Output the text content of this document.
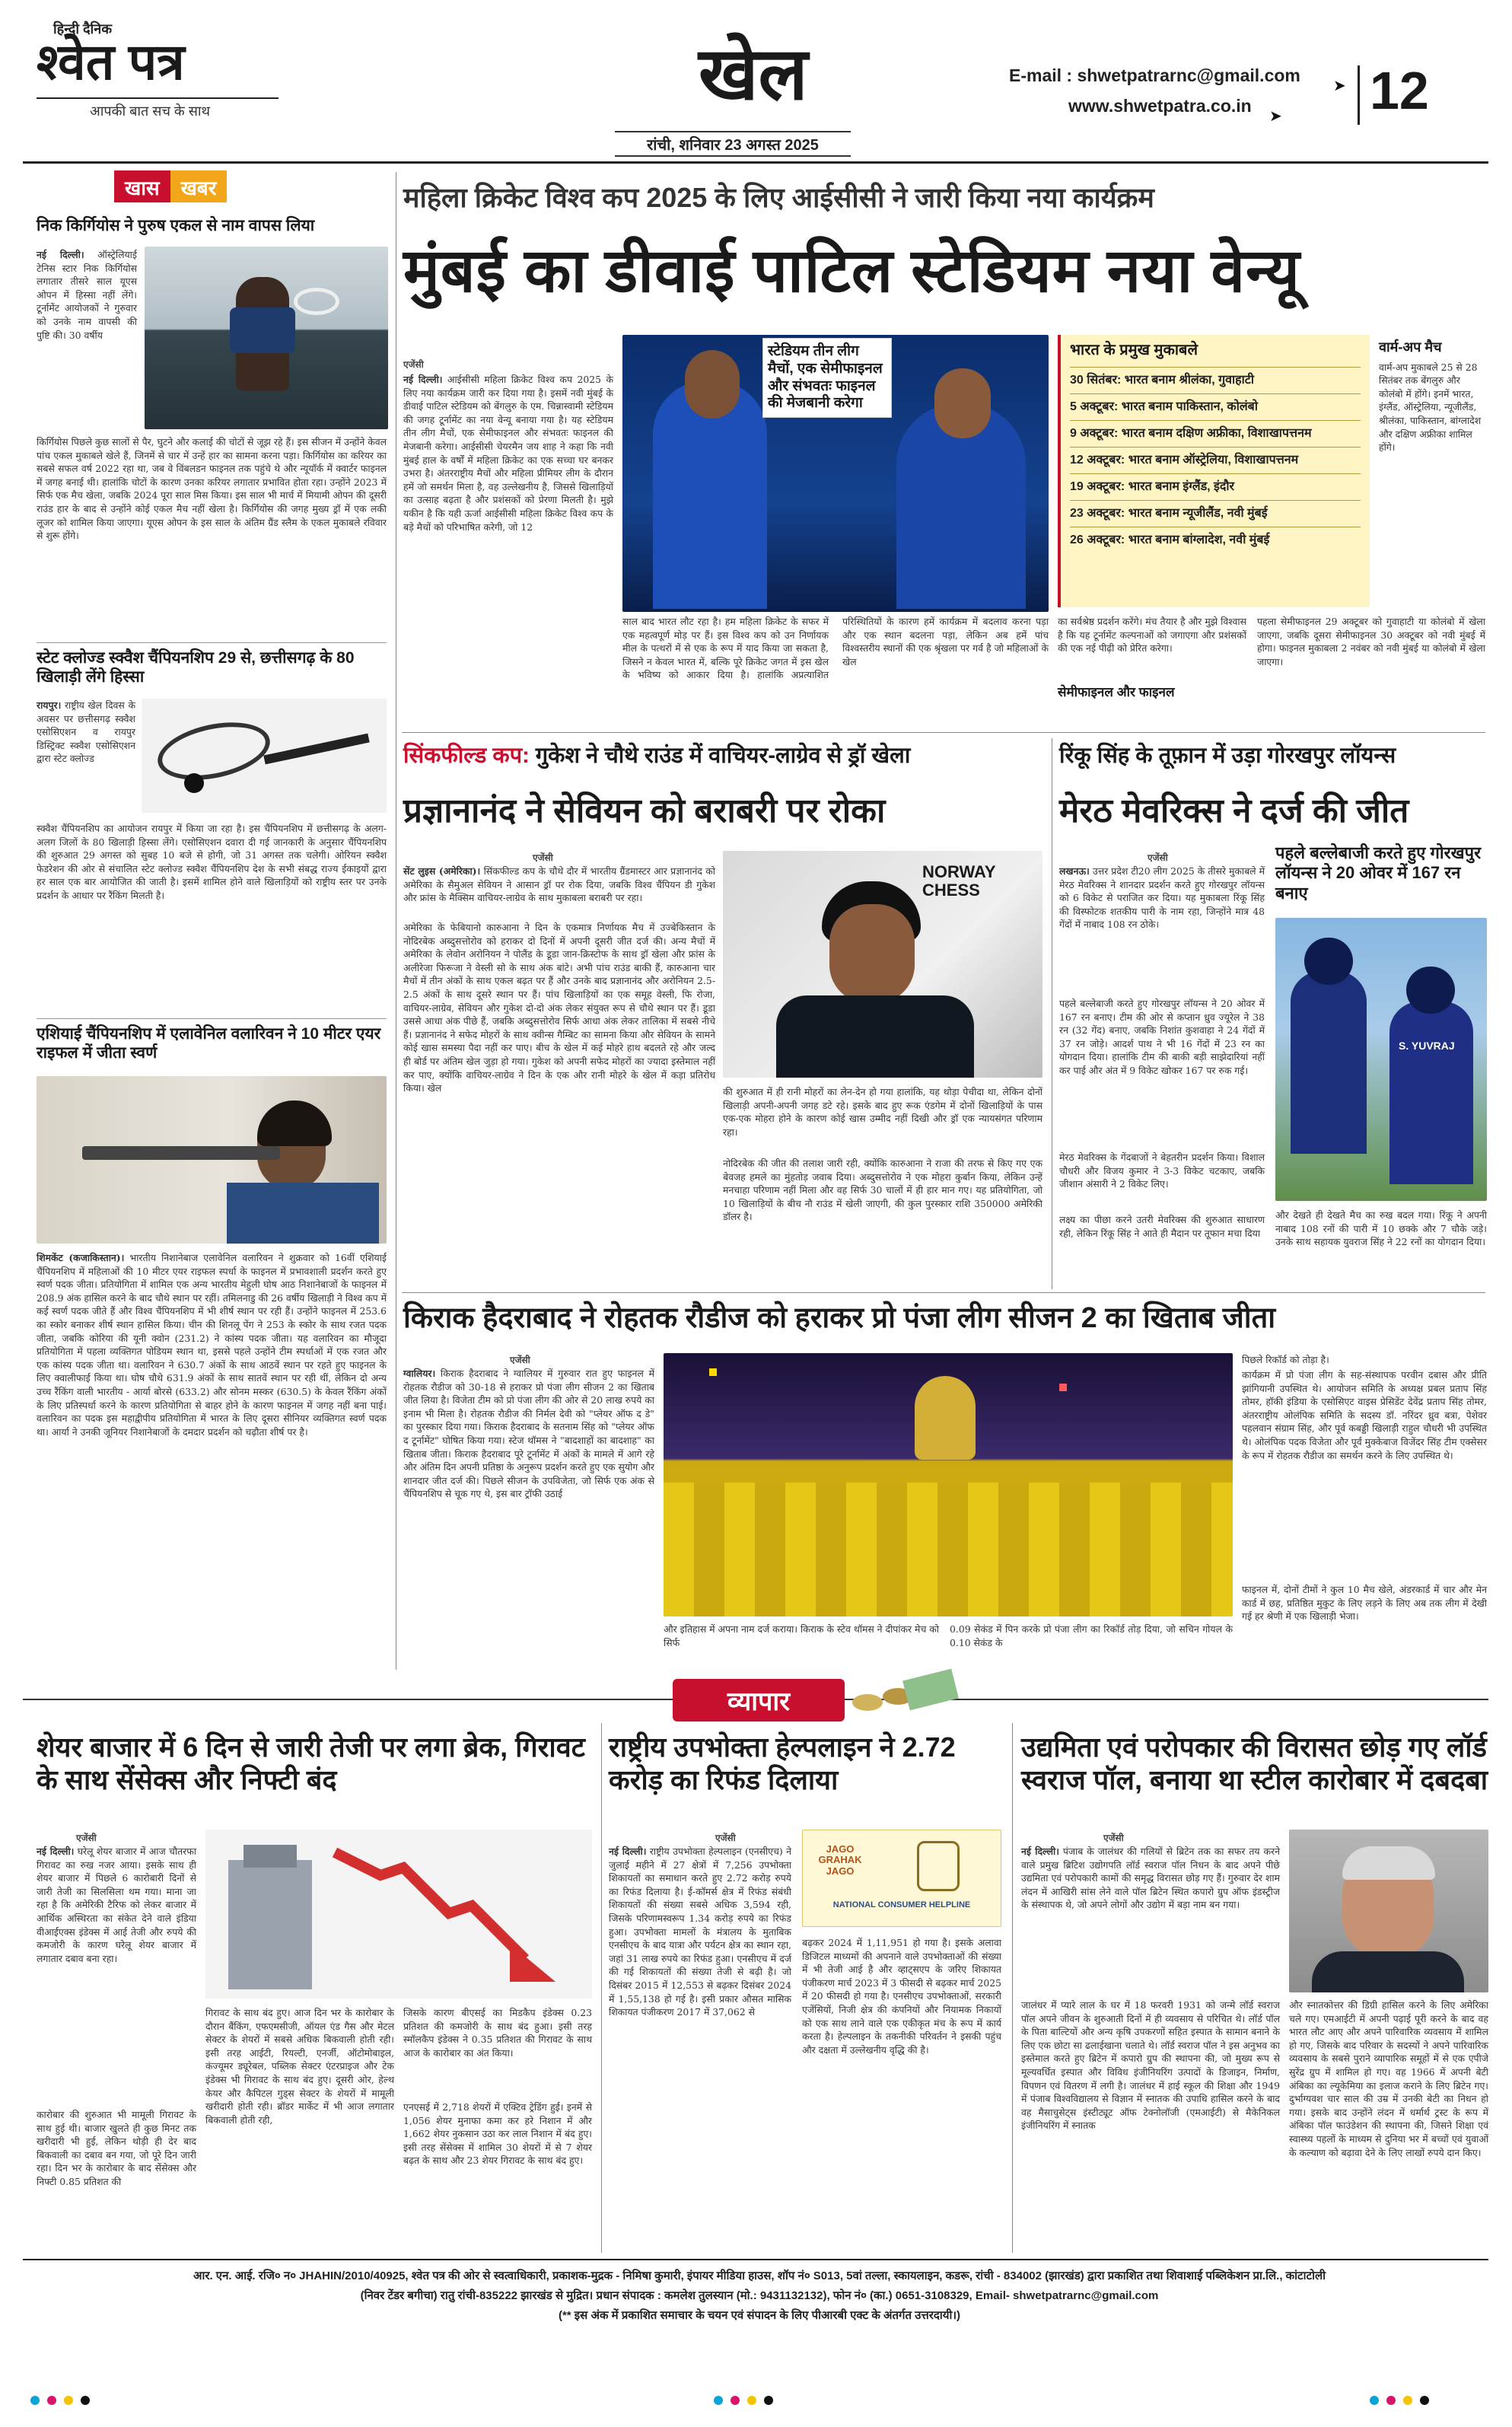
हिन्दी दैनिक
श्वेत पत्र
आपकी बात सच के साथ	खेल
रांची, शनिवार 23 अगस्त 2025
E-mail : shwetpatrarnc@gmail.com
www.shwetpatra.co.in
➤
➤ 12
खास	खबर
निक किर्गियोस ने पुरुष एकल से नाम वापस लिया
नई दिल्ली। ऑस्ट्रेलियाई टेनिस स्टार निक किर्गियोस लगातार तीसरे साल यूएस ओपन में हिस्सा नहीं लेंगे। टूर्नामेंट आयोजकों ने गुरुवार को उनके नाम वापसी की पुष्टि की। 30 वर्षीय
किर्गियोस पिछले कुछ सालों से पैर, घुटने और कलाई की चोटों से जूझ रहे हैं। इस सीजन में उन्होंने केवल पांच एकल मुकाबले खेले हैं, जिनमें से चार में उन्हें हार का सामना करना पड़ा। किर्गियोस का करियर का सबसे सफल वर्ष 2022 रहा था, जब वे विंबलडन फाइनल तक पहुंचे थे और न्यूयॉर्क में क्वार्टर फाइनल में जगह बनाई थी। हालांकि चोटों के कारण उनका करियर लगातार प्रभावित होता रहा। उन्होंने 2023 में सिर्फ एक मैच खेला, जबकि 2024 पूरा साल मिस किया। इस साल भी मार्च में मियामी ओपन की दूसरी राउंड हार के बाद से उन्होंने कोई एकल मैच नहीं खेला है। किर्गियोस की जगह मुख्य ड्रॉ में एक लकी लूजर को शामिल किया जाएगा। यूएस ओपन के इस साल के अंतिम ग्रैंड स्लैम के एकल मुकाबले रविवार से शुरू होंगे।
स्टेट क्लोज्ड स्क्वैश चैंपियनशिप 29 से, छत्तीसगढ़ के 80 खिलाड़ी लेंगे हिस्सा
रायपुर। राष्ट्रीय खेल दिवस के अवसर पर छत्तीसगढ़ स्क्वैश एसोसिएशन व रायपुर डिस्ट्रिक्ट स्क्वैश एसोसिएशन द्वारा स्टेट क्लोज्ड
स्क्वैश चैंपियनशिप का आयोजन रायपुर में किया जा रहा है। इस चैंपियनशिप में छत्तीसगढ़ के अलग-अलग जिलों के 80 खिलाड़ी हिस्सा लेंगे। एसोसिएशन दवारा दी गई जानकारी के अनुसार चैंपियनशिप की शुरुआत 29 अगस्त को सुबह 10 बजे से होगी, जो 31 अगस्त तक चलेगी। ओरियन स्क्वैश फेडरेशन की ओर से संचालित स्टेट क्लोज्ड स्क्वैश चैंपियनशिप देश के सभी संबद्ध राज्य ईकाइयों द्वारा हर साल एक बार आयोजित की जाती है। इसमें शामिल होने वाले खिलाड़ियों को राष्ट्रीय स्तर पर उनके प्रदर्शन के आधार पर रैंकिंग मिलती है।
एशियाई चैंपियनशिप में एलावेनिल वलारिवन ने 10 मीटर एयर राइफल में जीता स्वर्ण
शिमकेंट (कजाकिस्तान)। भारतीय निशानेबाज एलावेनिल वलारिवन ने शुक्रवार को 16वीं एशियाई चैंपियनशिप में महिलाओं की 10 मीटर एयर राइफल स्पर्धा के फाइनल में प्रभावशाली प्रदर्शन करते हुए स्वर्ण पदक जीता। प्रतियोगिता में शामिल एक अन्य भारतीय मेहुली घोष आठ निशानेबाजों के फाइनल में 208.9 अंक हासिल करने के बाद चौथे स्थान पर रहीं। तमिलनाडु की 26 वर्षीय खिलाड़ी ने विश्व कप में कई स्वर्ण पदक जीते हैं और विश्व चैंपियनशिप में भी शीर्ष स्थान पर रही हैं। उन्होंने फाइनल में 253.6 का स्कोर बनाकर शीर्ष स्थान हासिल किया। चीन की शिनलू पेंग ने 253 के स्कोर के साथ रजत पदक जीता, जबकि कोरिया की यूनी क्वोन (231.2) ने कांस्य पदक जीता। यह वलारिवन का मौजूदा प्रतियोगिता में पहला व्यक्तिगत पोडियम स्थान था, इससे पहले उन्होंने टीम स्पर्धाओं में एक रजत और एक कांस्य पदक जीता था। वलारिवन ने 630.7 अंकों के साथ आठवें स्थान पर रहते हुए फाइनल के लिए क्वालीफाई किया था। घोष चौथे 631.9 अंकों के साथ सातवें स्थान पर रही थीं, लेकिन दो अन्य उच्च रैंकिंग वाली भारतीय - आर्या बोरसे (633.2) और सोनम मस्कर (630.5) के केवल रैंकिंग अंकों के लिए प्रतिस्पर्धा करने के कारण प्रतियोगिता से बाहर होने के कारण फाइनल में जगह नहीं बना पाई। वलारिवन का पदक इस महाद्वीपीय प्रतियोगिता में भारत के लिए दूसरा सीनियर व्यक्तिगत स्वर्ण पदक था। आर्या ने उनकी जूनियर निशानेबाजों के दमदार प्रदर्शन को चढ़ौता शीर्ष पर है।
महिला क्रिकेट विश्व कप 2025 के लिए आईसीसी ने जारी किया नया कार्यक्रम
मुंबई का डीवाई पाटिल स्टेडियम नया वेन्यू
एजेंसी
नई दिल्ली। आईसीसी महिला क्रिकेट विश्व कप 2025 के लिए नया कार्यक्रम जारी कर दिया गया है। इसमें नवी मुंबई के डीवाई पाटिल स्टेडियम को बेंगलुरु के एम. चिन्नास्वामी स्टेडियम की जगह टूर्नामेंट का नया वेन्यू बनाया गया है। यह स्टेडियम तीन लीग मैचों, एक सेमीफाइनल और संभवतः फाइनल की मेजबानी करेगा। आईसीसी चेयरमैन जय शाह ने कहा कि नवी मुंबई हाल के वर्षों में महिला क्रिकेट का एक सच्चा घर बनकर उभरा है। अंतरराष्ट्रीय मैचों और महिला प्रीमियर लीग के दौरान हमें जो समर्थन मिला है, वह उल्लेखनीय है, जिससे खिलाड़ियों का उत्साह बढ़ता है और प्रशंसकों को प्रेरणा मिलती है। मुझे यकीन है कि यही ऊर्जा आईसीसी महिला क्रिकेट विश्व कप के बड़े मैचों को परिभाषित करेगी, जो 12
स्टेडियम तीन लीग मैचों, एक सेमीफाइनल और संभवतः फाइनल की मेजबानी करेगा
साल बाद भारत लौट रहा है। हम महिला क्रिकेट के सफर में एक महत्वपूर्ण मोड़ पर हैं। इस विश्व कप को उन निर्णायक मील के पत्थरों में से एक के रूप में याद किया जा सकता है, जिसने न केवल भारत में, बल्कि पूरे क्रिकेट जगत में इस खेल के भविष्य को आकार दिया है। हालांकि अप्रत्याशित परिस्थितियों के कारण हमें कार्यक्रम में बदलाव करना पड़ा और एक स्थान बदलना पड़ा, लेकिन अब हमें पांच विश्वस्तरीय स्थानों की एक श्रृंखला पर गर्व है जो महिलाओं के खेल
भारत के प्रमुख मुकाबले
30 सितंबर: भारत बनाम श्रीलंका, गुवाहाटी
5 अक्टूबर: भारत बनाम पाकिस्तान, कोलंबो
9 अक्टूबर: भारत बनाम दक्षिण अफ्रीका, विशाखापत्तनम
12 अक्टूबर: भारत बनाम ऑस्ट्रेलिया, विशाखापत्तनम
19 अक्टूबर: भारत बनाम इंग्लैंड, इंदौर
23 अक्टूबर: भारत बनाम न्यूजीलैंड, नवी मुंबई
26 अक्टूबर: भारत बनाम बांग्लादेश, नवी मुंबई
वार्म-अप मैच
वार्म-अप मुकाबले 25 से 28 सितंबर तक बेंगलुरु और कोलंबो में होंगे। इनमें भारत, इंग्लैंड, ऑस्ट्रेलिया, न्यूजीलैंड, श्रीलंका, पाकिस्तान, बांग्लादेश और दक्षिण अफ्रीका शामिल होंगे।
का सर्वश्रेष्ठ प्रदर्शन करेंगे। मंच तैयार है और मुझे विश्वास है कि यह टूर्नामेंट कल्पनाओं को जगाएगा और प्रशंसकों की एक नई पीढ़ी को प्रेरित करेगा।
सेमीफाइनल और फाइनल
पहला सेमीफाइनल 29 अक्टूबर को गुवाहाटी या कोलंबो में खेला जाएगा, जबकि दूसरा सेमीफाइनल 30 अक्टूबर को नवी मुंबई में होगा। फाइनल मुकाबला 2 नवंबर को नवी मुंबई या कोलंबो में खेला जाएगा।
सिंकफील्ड कप: गुकेश ने चौथे राउंड में वाचियर-लाग्रेव से ड्रॉ खेला
प्रज्ञानानंद ने सेवियन को बराबरी पर रोका
एजेंसी
सेंट लुइस (अमेरिका)। सिंकफील्ड कप के चौथे दौर में भारतीय ग्रैंडमास्टर आर प्रज्ञानानंद को अमेरिका के सैमुअल सेवियन ने आसान ड्रॉ पर रोक दिया, जबकि विश्व चैंपियन डी गुकेश और फ्रांस के मैक्सिम वाचियर-लाग्रेव के साथ मुकाबला बराबरी पर रहा।
अमेरिका के फेबियानो कारुआना ने दिन के एकमात्र निर्णायक मैच में उज्बेकिस्तान के नोदिरबेक अब्दुसत्तोरोव को हराकर दो दिनों में अपनी दूसरी जीत दर्ज की। अन्य मैचों में अमेरिका के लेवोन अरोनियन ने पोलैंड के डूडा जान-क्रिस्टोफ के साथ ड्रॉ खेला और फ्रांस के अलीरेजा फिरूजा ने वेस्ली सो के साथ अंक बांटे। अभी पांच राउंड बाकी हैं, कारुआना चार मैचों में तीन अंकों के साथ एकल बढ़त पर हैं और उनके बाद प्रज्ञानानंद और अरोनियन 2.5-2.5 अंकों के साथ दूसरे स्थान पर हैं। पांच खिलाड़ियों का एक समूह वेस्ली, फि रोजा, वाचियर-लाग्रेव, सेवियन और गुकेश दो-दो अंक लेकर संयुक्त रूप से चौथे स्थान पर हैं। डूडा उससे आधा अंक पीछे हैं, जबकि अब्दुसत्तोरोव सिर्फ आधा अंक लेकर तालिका में सबसे नीचे हैं। प्रज्ञानानंद ने सफेद मोहरों के साथ क्वीन्स गैम्बिट का सामना किया और सेवियन के सामने कोई खास समस्या पैदा नहीं कर पाए। बीच के खेल में कई मोहरे हाथ बदलते रहे और जल्द ही बोर्ड पर अंतिम खेल जुड़ा हो गया। गुकेश को अपनी सफेद मोहरों का ज्यादा इस्तेमाल नहीं कर पाए, क्योंकि वाचियर-लाग्रेव ने दिन के एक और रानी मोहरे के खेल में कड़ा प्रतिरोध किया। खेल
NORWAY CHESS
की शुरुआत में ही रानी मोहरों का लेन-देन हो गया हालांकि, यह थोड़ा पेचीदा था, लेकिन दोनों खिलाड़ी अपनी-अपनी जगह डटे रहे। इसके बाद हुए रूक एंडगेम में दोनों खिलाड़ियों के पास एक-एक मोहरा होने के कारण कोई खास उम्मीद नहीं दिखी और ड्रॉ एक न्यायसंगत परिणाम रहा।
नोदिरबेक की जीत की तलाश जारी रही, क्योंकि कारुआना ने राजा की तरफ से किए गए एक बेवजह हमले का मुंहतोड़ जवाब दिया। अब्दुसत्तोरोव ने एक मोहरा कुर्बान किया, लेकिन उन्हें मनचाहा परिणाम नहीं मिला और वह सिर्फ 30 चालों में ही हार मान गए। यह प्रतियोगिता, जो 10 खिलाड़ियों के बीच नौ राउंड में खेली जाएगी, की कुल पुरस्कार राशि 350000 अमेरिकी डॉलर है।
रिंकू सिंह के तूफ़ान में उड़ा गोरखपुर लॉयन्स
मेरठ मेवरिक्स ने दर्ज की जीत
एजेंसी
लखनऊ। उत्तर प्रदेश टी20 लीग 2025 के तीसरे मुकाबले में मेरठ मेवरिक्स ने शानदार प्रदर्शन करते हुए गोरखपुर लॉयन्स को 6 विकेट से पराजित कर दिया। यह मुकाबला रिंकू सिंह की विस्फोटक शतकीय पारी के नाम रहा, जिन्होंने मात्र 48 गेंदों में नाबाद 108 रन ठोके।
पहले बल्लेबाजी करते हुए गोरखपुर लॉयन्स ने 20 ओवर में 167 रन बनाए। टीम की ओर से कप्तान ध्रुव ज्यूरेल ने 38 रन (32 गेंद) बनाए, जबकि निशांत कुशवाहा ने 24 गेंदों में 37 रन जोड़े। आदर्श पाथ ने भी 16 गेंदों में 23 रन का योगदान दिया। हालांकि टीम की बाकी बड़ी साझेदारियां नहीं कर पाई और अंत में 9 विकेट खोकर 167 पर रुक गई।
मेरठ मेवरिक्स के गेंदबाजों ने बेहतरीन प्रदर्शन किया। विशाल चौधरी और विजय कुमार ने 3-3 विकेट चटकाए, जबकि जीशान अंसारी ने 2 विकेट लिए।
लक्ष्य का पीछा करने उतरी मेवरिक्स की शुरुआत साधारण रही, लेकिन रिंकू सिंह ने आते ही मैदान पर तूफान मचा दिया
पहले बल्लेबाजी करते हुए गोरखपुर लॉयन्स ने 20 ओवर में 167 रन बनाए
S. YUVRAJ
और देखते ही देखते मैच का रुख बदल गया। रिंकू ने अपनी नाबाद 108 रनों की पारी में 10 छक्के और 7 चौके जड़े। उनके साथ सहायक युवराज सिंह ने 22 रनों का योगदान दिया।
किराक हैदराबाद ने रोहतक रौडीज को हराकर प्रो पंजा लीग सीजन 2 का खिताब जीता
एजेंसी
ग्वालियर। किराक हैदराबाद ने ग्वालियर में गुरुवार रात हुए फाइनल में रोहतक रौडीज को 30-18 से हराकर प्रो पंजा लीग सीजन 2 का खिताब जीत लिया है। विजेता टीम को प्रो पंजा लीग की ओर से 20 लाख रुपये का इनाम भी मिला है। रोहतक रौडीज की निर्मल देवी को "प्लेयर ऑफ द डे" का पुरस्कार दिया गया। किराक हैदराबाद के सतनाम सिंह को "प्लेयर ऑफ द टूर्नामेंट" घोषित किया गया। स्टेज थॉमस ने "बादशाहों का बादशाह" का खिताब जीता। किराक हैदराबाद पूरे टूर्नामेंट में अंकों के मामले में आगे रहे और अंतिम दिन अपनी प्रतिष्ठा के अनुरूप प्रदर्शन करते हुए एक सुयोग और शानदार जीत दर्ज की। पिछले सीजन के उपविजेता, जो सिर्फ एक अंक से चैंपियनशिप से चूक गए थे, इस बार ट्रॉफी उठाई
और इतिहास में अपना नाम दर्ज कराया। किराक के स्टेव थॉमस ने दीपांकर मेच को सिर्फ
0.09 सेकंड में पिन करके प्रो पंजा लीग का रिकॉर्ड तोड़ दिया, जो सचिन गोयल के 0.10 सेकंड के
पिछले रिकॉर्ड को तोड़ा है।
कार्यक्रम में प्रो पंजा लीग के सह-संस्थापक परवीन दबास और प्रीति झांगियानी उपस्थित थे। आयोजन समिति के अध्यक्ष प्रबल प्रताप सिंह तोमर, हॉकी इंडिया के एसोसिएट वाइस प्रेसिडेंट देवेंद्र प्रताप सिंह तोमर, अंतरराष्ट्रीय ओलंपिक समिति के सदस्य डॉ. नरिंदर ध्रुव बत्रा, पेशेवर पहलवान संग्राम सिंह, और पूर्व कबड्डी खिलाड़ी राहुल चौधरी भी उपस्थित थे। ओलंपिक पदक विजेता और पूर्व मुक्केबाज विजेंदर सिंह टीम एक्सेसर के रूप में रोहतक रौडीज का समर्थन करने के लिए उपस्थित थे।
फाइनल में, दोनों टीमों ने कुल 10 मैच खेले, अंडरकार्ड में चार और मेन कार्ड में छह, प्रतिष्ठित मुकुट के लिए लड़ने के लिए अब तक लीग में देखी गई हर श्रेणी में एक खिलाड़ी भेजा।
व्यापार
शेयर बाजार में 6 दिन से जारी तेजी पर लगा ब्रेक, गिरावट के साथ सेंसेक्स और निफ्टी बंद
एजेंसी
नई दिल्ली। घरेलू शेयर बाजार में आज चौतरफा गिरावट का रुख नजर आया। इसके साथ ही शेयर बाजार में पिछले 6 कारोबारी दिनों से जारी तेजी का सिलसिला थम गया। माना जा रहा है कि अमेरिकी टैरिफ को लेकर बाजार में आर्थिक अस्थिरता का संकेत देने वाले इंडिया वीआईएक्स इंडेक्स में आई तेजी और रुपये की कमजोरी के कारण घरेलू शेयर बाजार में लगातार दबाव बना रहा।
कारोबार की शुरुआत भी मामूली गिरावट के साथ हुई थी। बाजार खुलते ही कुछ मिनट तक खरीदारी भी हुई, लेकिन थोड़ी ही देर बाद बिकवाली का दबाव बन गया, जो पूरे दिन जारी रहा। दिन भर के कारोबार के बाद सेंसेक्स और निफ्टी 0.85 प्रतिशत की
गिरावट के साथ बंद हुए। आज दिन भर के कारोबार के दौरान बैंकिंग, एफएमसीजी, ऑयल एंड गैस और मेटल सेक्टर के शेयरों में सबसे अधिक बिकवाली होती रही। इसी तरह आईटी, रियल्टी, एनर्जी, ऑटोमोबाइल, कंज्यूमर ड्यूरेबल, पब्लिक सेक्टर एंटरप्राइज और टेक इंडेक्स भी गिरावट के साथ बंद हुए। दूसरी ओर, हेल्थ केयर और कैपिटल गुड्स सेक्टर के शेयरों में मामूली खरीदारी होती रही। ब्रॉडर मार्केट में भी आज लगातार बिकवाली होती रही,
जिसके कारण बीएसई का मिडकैप इंडेक्स 0.23 प्रतिशत की कमजोरी के साथ बंद हुआ। इसी तरह स्मॉलकैप इंडेक्स ने 0.35 प्रतिशत की गिरावट के साथ आज के कारोबार का अंत किया।
एनएसई में 2,718 शेयरों में एक्टिव ट्रेडिंग हुई। इनमें से 1,056 शेयर मुनाफा कमा कर हरे निशान में और 1,662 शेयर नुकसान उठा कर लाल निशान में बंद हुए। इसी तरह सेंसेक्स में शामिल 30 शेयरों में से 7 शेयर बढ़त के साथ और 23 शेयर गिरावट के साथ बंद हुए।
राष्ट्रीय उपभोक्ता हेल्पलाइन ने 2.72 करोड़ का रिफंड दिलाया
एजेंसी
नई दिल्ली। राष्ट्रीय उपभोक्ता हेल्पलाइन (एनसीएच) ने जुलाई महीने में 27 क्षेत्रों में 7,256 उपभोक्ता शिकायतों का समाधान करते हुए 2.72 करोड़ रुपये का रिफंड दिलाया है। ई-कॉमर्स क्षेत्र में रिफंड संबंधी शिकायतों की संख्या सबसे अधिक 3,594 रही, जिसके परिणामस्वरूप 1.34 करोड़ रुपये का रिफंड हुआ। उपभोक्ता मामलों के मंत्रालय के मुताबिक एनसीएच के बाद यात्रा और पर्यटन क्षेत्र का स्थान रहा, जहां 31 लाख रुपये का रिफंड हुआ। एनसीएच में दर्ज की गई शिकायतों की संख्या तेजी से बढ़ी है। जो दिसंबर 2015 में 12,553 से बढ़कर दिसंबर 2024 में 1,55,138 हो गई है। इसी प्रकार औसत मासिक शिकायत पंजीकरण 2017 में 37,062 से
JAGO GRAHAK JAGO
NATIONAL CONSUMER HELPLINE
बढ़कर 2024 में 1,11,951 हो गया है। इसके अलावा डिजिटल माध्यमों की अपनाने वाले उपभोक्ताओं की संख्या में भी तेजी आई है और व्हाट्सएप के जरिए शिकायत पंजीकरण मार्च 2023 में 3 फीसदी से बढ़कर मार्च 2025 में 20 फीसदी हो गया है। एनसीएच उपभोक्ताओं, सरकारी एजेंसियों, निजी क्षेत्र की कंपनियों और नियामक निकायों को एक साथ लाने वाले एक एकीकृत मंच के रूप में कार्य करता है। हेल्पलाइन के तकनीकी परिवर्तन ने इसकी पहुंच और दक्षता में उल्लेखनीय वृद्धि की है।
उद्यमिता एवं परोपकार की विरासत छोड़ गए लॉर्ड स्वराज पॉल, बनाया था स्टील कारोबार में दबदबा
एजेंसी
नई दिल्ली। पंजाब के जालंधर की गलियों से ब्रिटेन तक का सफर तय करने वाले प्रमुख ब्रिटिश उद्योगपति लॉर्ड स्वराज पॉल निधन के बाद अपने पीछे उद्यमिता एवं परोपकारी कामों की समृद्ध विरासत छोड़ गए हैं। गुरुवार देर शाम लंदन में आखिरी सांस लेने वाले पॉल ब्रिटेन स्थित कपारो ग्रुप ऑफ इंडस्ट्रीज के संस्थापक थे, जो अपने लोगों और उद्योग में बड़ा नाम बन गया।
जालंधर में प्यारे लाल के घर में 18 फरवरी 1931 को जन्मे लॉर्ड स्वराज पॉल अपने जीवन के शुरुआती दिनों में ही व्यवसाय से परिचित थे। लॉर्ड पॉल के पिता बाल्टियों और अन्य कृषि उपकरणों सहित इस्पात के सामान बनाने के लिए एक छोटा सा ढलाईखाना चलाते थे। लॉर्ड स्वराज पॉल ने इस अनुभव का इस्तेमाल करते हुए ब्रिटेन में कपारो ग्रुप की स्थापना की, जो मुख्य रूप से मूल्यवर्धित इस्पात और विविध इंजीनियरिंग उत्पादों के डिजाइन, निर्माण, विपणन एवं वितरण में लगी है। जालंधर में हाई स्कूल की शिक्षा और 1949 में पंजाब विश्वविद्यालय से विज्ञान में स्नातक की उपाधि हासिल करने के बाद वह मैसाचुसेट्स इंस्टीट्यूट ऑफ टेक्नोलॉजी (एमआईटी) से मैकेनिकल इंजीनियरिंग में स्नातक
और स्नातकोत्तर की डिग्री हासिल करने के लिए अमेरिका चले गए। एमआईटी में अपनी पढ़ाई पूरी करने के बाद वह भारत लौट आए और अपने पारिवारिक व्यवसाय में शामिल हो गए, जिसके बाद परिवार के सदस्यों ने अपने पारिवारिक व्यवसाय के सबसे पुराने व्यापारिक समूहों में से एक एपीजे सुरेंद्र ग्रुप में शामिल हो गए। वह 1966 में अपनी बेटी अंबिका का ल्यूकेमिया का इलाज कराने के लिए ब्रिटेन गए। दुर्भाग्यवश चार साल की उम्र में उनकी बेटी का निधन हो गया। इसके बाद उन्होंने लंदन में धर्मार्थ ट्रस्ट के रूप में अंबिका पॉल फाउंडेशन की स्थापना की, जिसने शिक्षा एवं स्वास्थ्य पहलों के माध्यम से दुनिया भर में बच्चों एवं युवाओं के कल्याण को बढ़ावा देने के लिए लाखों रुपये दान किए।
आर. एन. आई. रजि० न० JHAHIN/2010/40925, श्वेत पत्र की ओर से स्वत्वाधिकारी, प्रकाशक-मुद्रक - निमिषा कुमारी, इंपायर मीडिया हाउस, शॉप नं० S013, 5वां तल्ला, स्कायलाइन, कडरू, रांची - 834002 (झारखंड) द्वारा प्रकाशित तथा शिवाशाई पब्लिकेशन प्रा.लि., कांटाटोली
(निवर टेंडर बगीचा) रातु रांची-835222 झारखंड से मुद्रित। प्रधान संपादक : कमलेश तुलस्यान (मो.: 9431132132), फोन नं० (का.) 0651-3108329, Email- shwetpatrarnc@gmail.com
(** इस अंक में प्रकाशित समाचार के चयन एवं संपादन के लिए पीआरबी एक्ट के अंतर्गत उत्तरदायी।)
